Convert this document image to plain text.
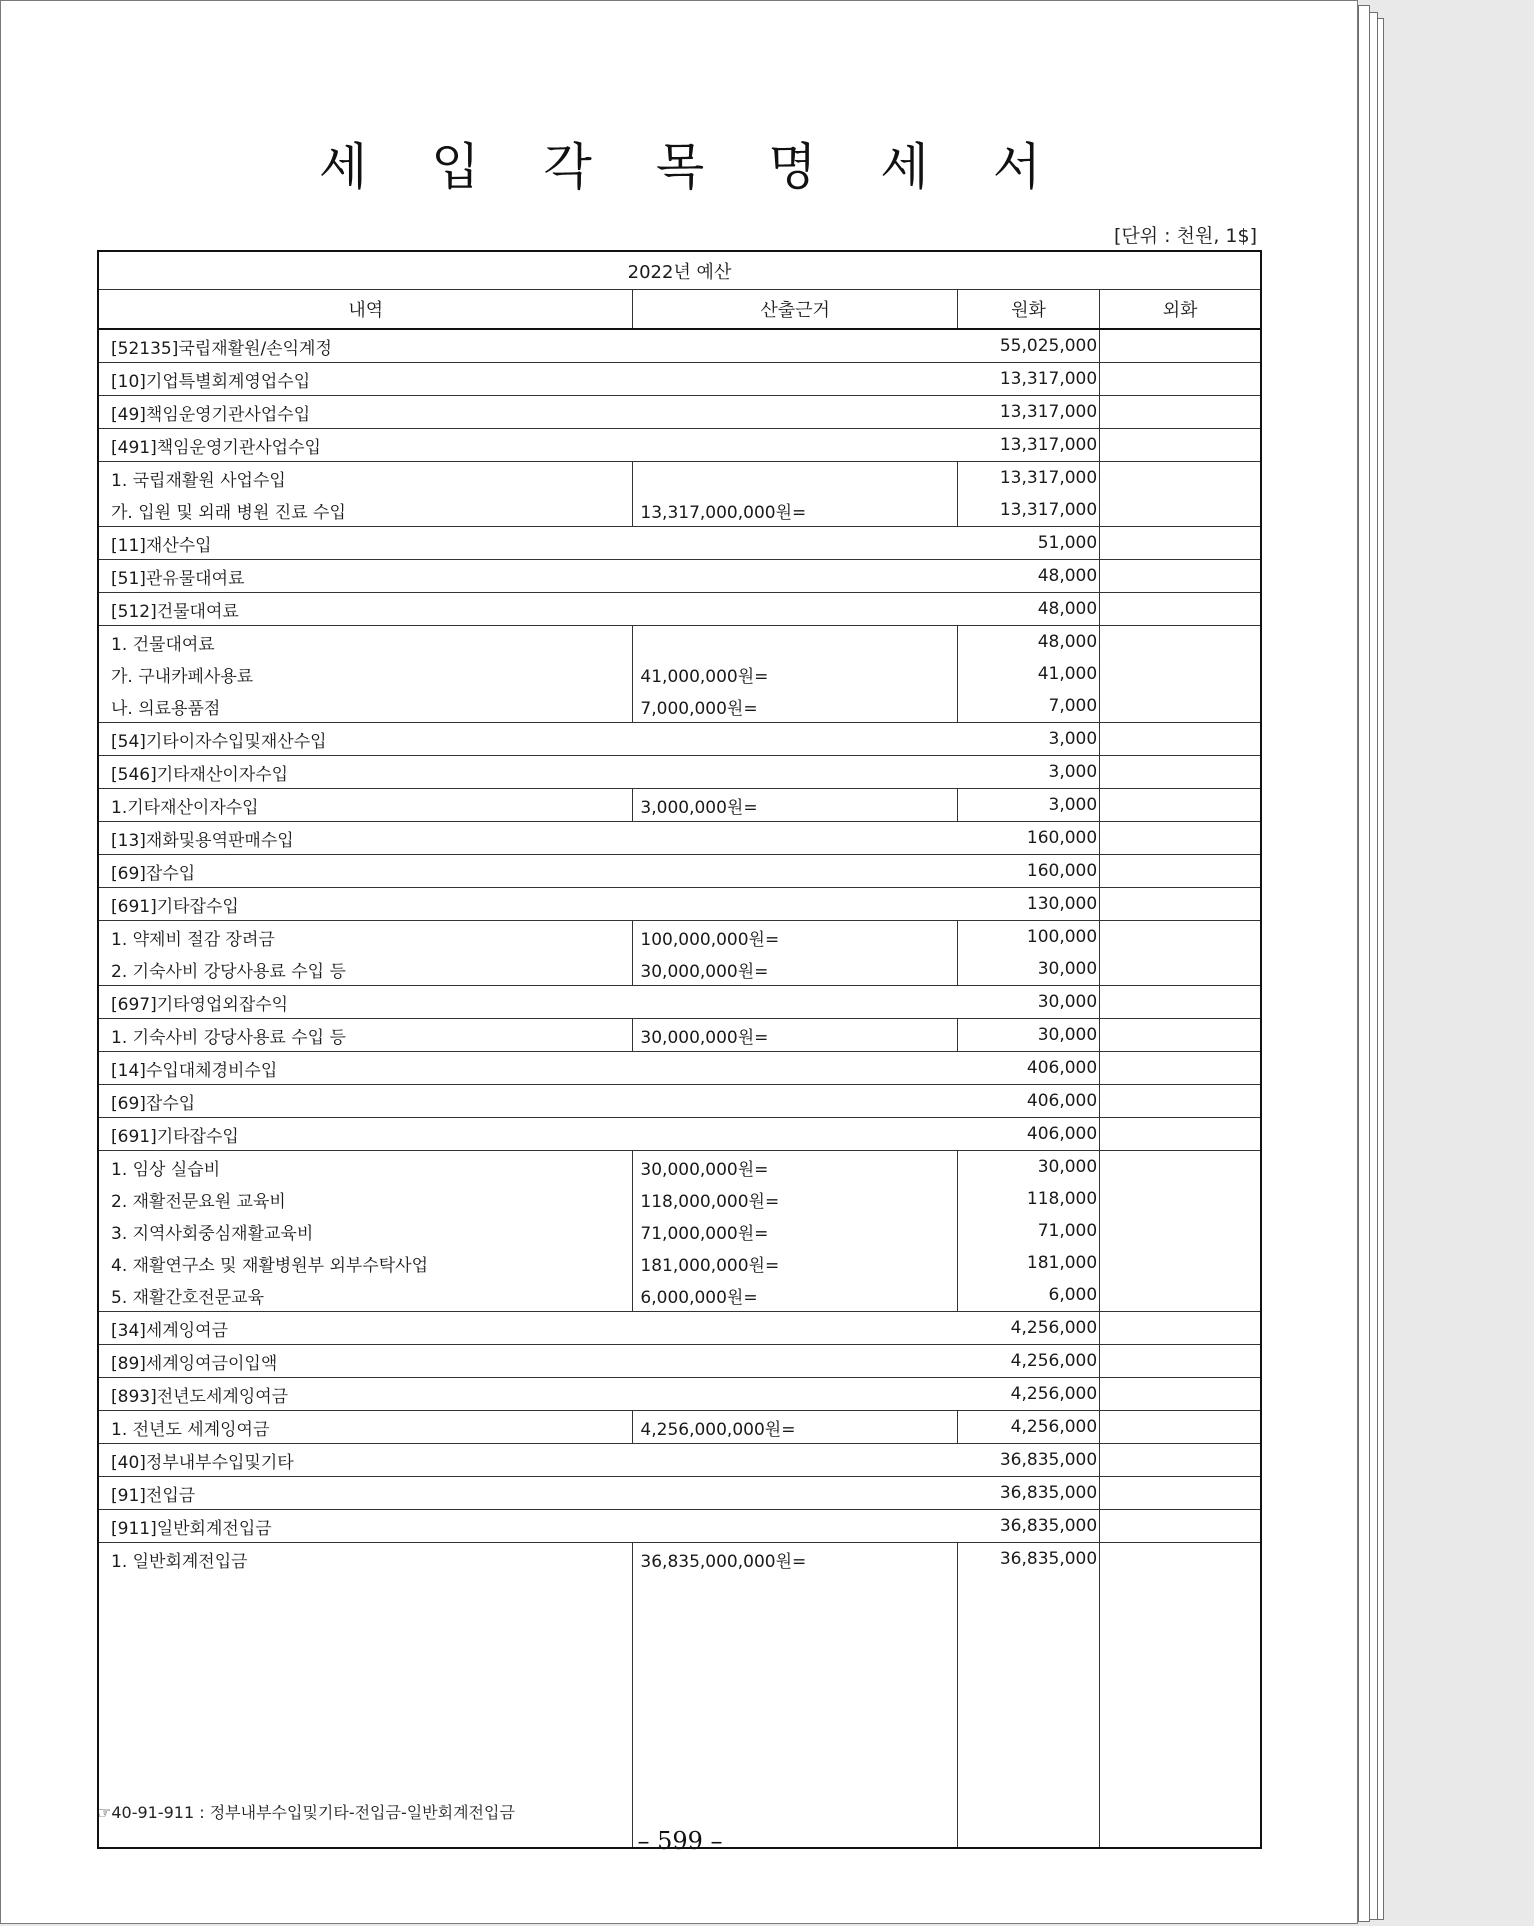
세입각목명세서
[단위 : 천원, 1$]
2022년 예산			
내역	산출근거	원화	외화
[52135]국립재활원/손익계정		55,025,000	
[10]기업특별회계영업수입		13,317,000	
[49]책임운영기관사업수입		13,317,000	
[491]책임운영기관사업수입		13,317,000	
1. 국립재활원 사업수입		13,317,000	
가. 입원 및 외래 병원 진료 수입	13,317,000,000원=	13,317,000	
[11]재산수입		51,000	
[51]관유물대여료		48,000	
[512]건물대여료		48,000	
1. 건물대여료		48,000	
가. 구내카페사용료	41,000,000원=	41,000	
나. 의료용품점	7,000,000원=	7,000	
[54]기타이자수입및재산수입		3,000	
[546]기타재산이자수입		3,000	
1.기타재산이자수입	3,000,000원=	3,000	
[13]재화및용역판매수입		160,000	
[69]잡수입		160,000	
[691]기타잡수입		130,000	
1. 약제비 절감 장려금	100,000,000원=	100,000	
2. 기숙사비 강당사용료 수입 등	30,000,000원=	30,000	
[697]기타영업외잡수익		30,000	
1. 기숙사비 강당사용료 수입 등	30,000,000원=	30,000	
[14]수입대체경비수입		406,000	
[69]잡수입		406,000	
[691]기타잡수입		406,000	
1. 임상 실습비	30,000,000원=	30,000	
2. 재활전문요원 교육비	118,000,000원=	118,000	
3. 지역사회중심재활교육비	71,000,000원=	71,000	
4. 재활연구소 및 재활병원부 외부수탁사업	181,000,000원=	181,000	
5. 재활간호전문교육	6,000,000원=	6,000	
[34]세계잉여금		4,256,000	
[89]세계잉여금이입액		4,256,000	
[893]전년도세계잉여금		4,256,000	
1. 전년도 세계잉여금	4,256,000,000원=	4,256,000	
[40]정부내부수입및기타		36,835,000	
[91]전입금		36,835,000	
[911]일반회계전입금		36,835,000	
1. 일반회계전입금	36,835,000,000원=	36,835,000	

☞40-91-911 : 정부내부수입및기타-전입금-일반회계전입금
– 599 –
